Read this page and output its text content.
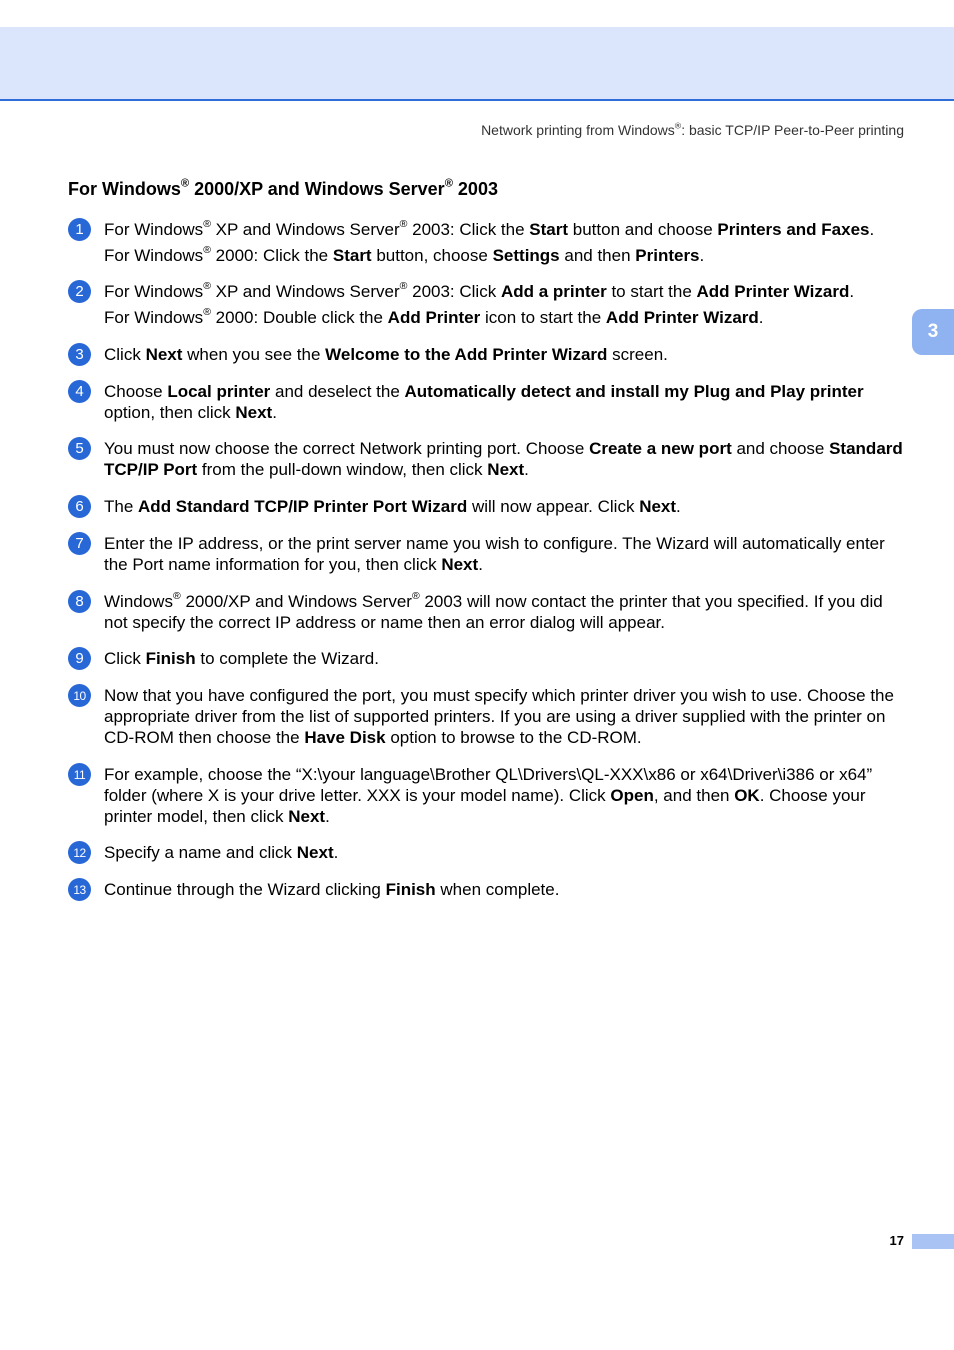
Network printing from Windows®: basic TCP/IP Peer-to-Peer printing
For Windows® 2000/XP and Windows Server® 2003
3
1	For Windows® XP and Windows Server® 2003: Click the Start button and choose Printers and Faxes.
For Windows® 2000: Click the Start button, choose Settings and then Printers.
2	For Windows® XP and Windows Server® 2003: Click Add a printer to start the Add Printer Wizard.
For Windows® 2000: Double click the Add Printer icon to start the Add Printer Wizard.
3	Click Next when you see the Welcome to the Add Printer Wizard screen.
4	Choose Local printer and deselect the Automatically detect and install my Plug and Play printer option, then click Next.
5	You must now choose the correct Network printing port. Choose Create a new port and choose Standard TCP/IP Port from the pull-down window, then click Next.
6	The Add Standard TCP/IP Printer Port Wizard will now appear. Click Next.
7	Enter the IP address, or the print server name you wish to configure. The Wizard will automatically enter the Port name information for you, then click Next.
8	Windows® 2000/XP and Windows Server® 2003 will now contact the printer that you specified. If you did not specify the correct IP address or name then an error dialog will appear.
9	Click Finish to complete the Wizard.
10	Now that you have configured the port, you must specify which printer driver you wish to use. Choose the appropriate driver from the list of supported printers. If you are using a driver supplied with the printer on CD-ROM then choose the Have Disk option to browse to the CD-ROM.
11	For example, choose the “X:\your language\Brother QL\Drivers\QL-XXX\x86 or x64\Driver\i386 or x64” folder (where X is your drive letter. XXX is your model name). Click Open, and then OK. Choose your printer model, then click Next.
12	Specify a name and click Next.
13	Continue through the Wizard clicking Finish when complete.
17
